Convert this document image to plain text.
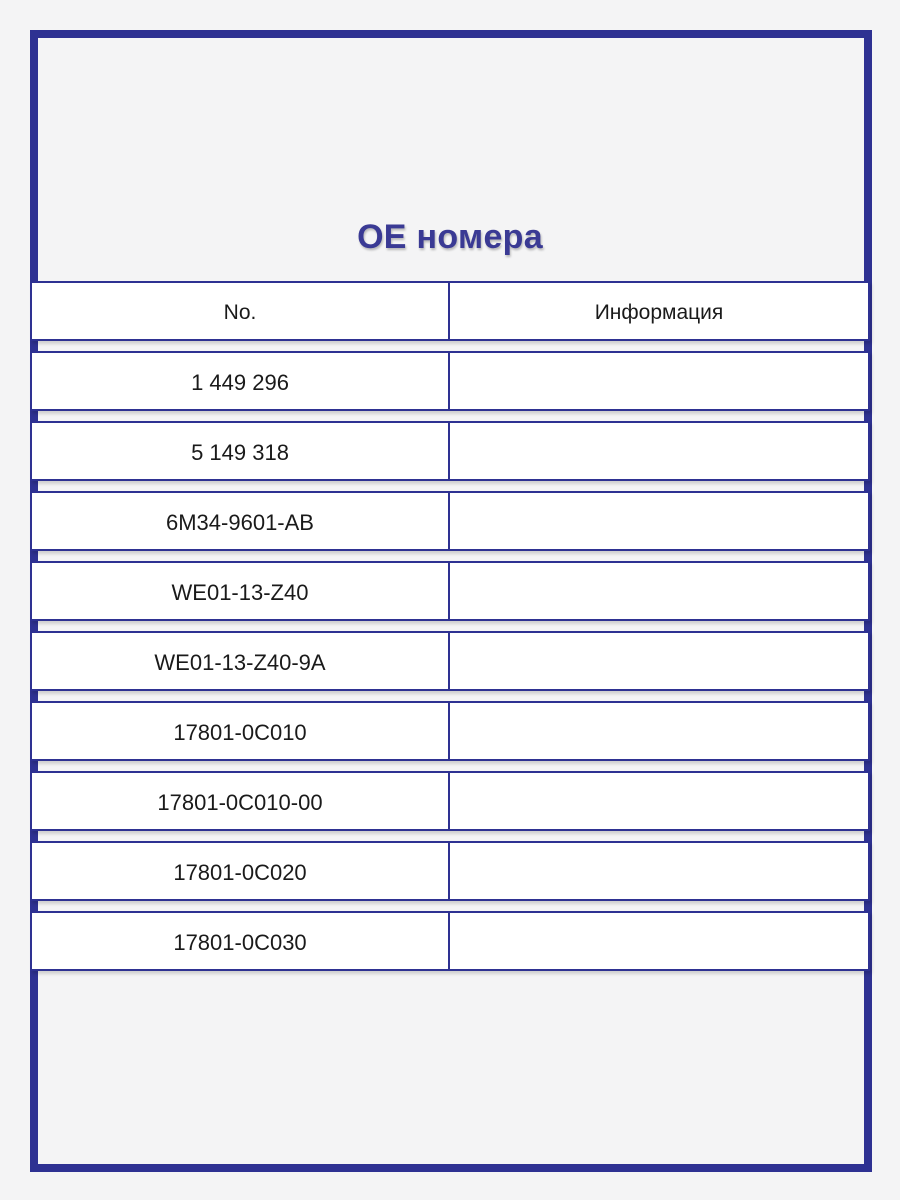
OE номера
No.	Информация
1 449 296
5 149 318
6M34-9601-AB
WE01-13-Z40
WE01-13-Z40-9A
17801-0C010
17801-0C010-00
17801-0C020
17801-0C030
